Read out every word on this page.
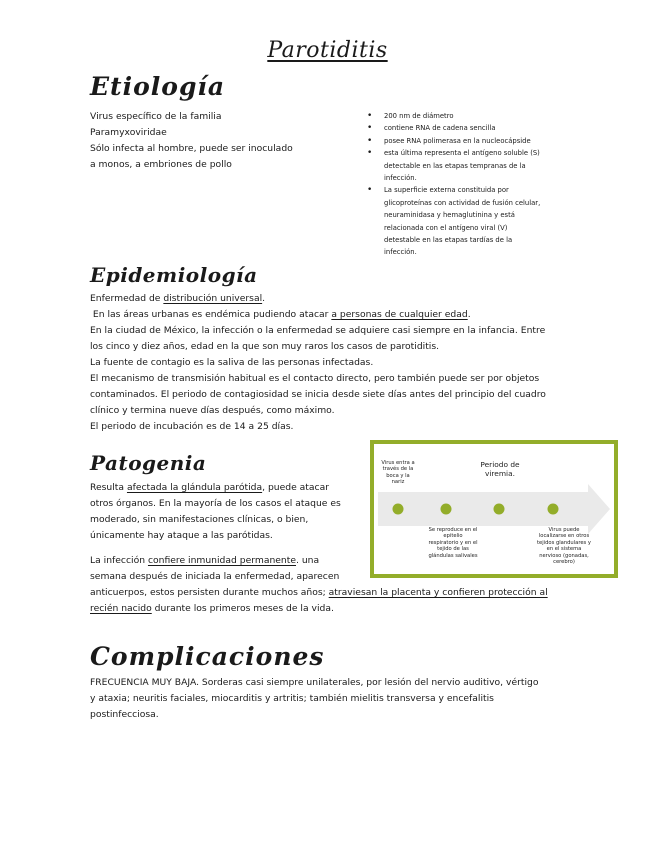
Parotiditis
Etiología
Virus específico de la familia
Paramyxoviridae
Sólo infecta al hombre, puede ser inoculado
a monos, a embriones de pollo
• 200 nm de diámetro
• contiene RNA de cadena sencilla
• posee RNA polimerasa en la nucleocápside
• esta última representa el antígeno soluble (S)
detectable en las etapas tempranas de la
infección.
• La superficie externa constituida por
glicoproteínas con actividad de fusión celular,
neuraminidasa y hemaglutinina y está
relacionada con el antígeno viral (V)
detestable en las etapas tardías de la
infección.
Epidemiología
Enfermedad de distribución universal.
En las áreas urbanas es endémica pudiendo atacar a personas de cualquier edad.
En la ciudad de México, la infección o la enfermedad se adquiere casi siempre en la infancia. Entre
los cinco y diez años, edad en la que son muy raros los casos de parotiditis.
La fuente de contagio es la saliva de las personas infectadas.
El mecanismo de transmisión habitual es el contacto directo, pero también puede ser por objetos
contaminados. El periodo de contagiosidad se inicia desde siete días antes del principio del cuadro
clínico y termina nueve días después, como máximo.
El periodo de incubación es de 14 a 25 días.
Patogenia
Resulta afectada la glándula parótida, puede atacar
otros órganos. En la mayoría de los casos el ataque es
moderado, sin manifestaciones clínicas, o bien,
únicamente hay ataque a las parótidas.
La infección confiere inmunidad permanente. una
semana después de iniciada la enfermedad, aparecen
anticuerpos, estos persisten durante muchos años; atraviesan la placenta y confieren protección al
recién nacido durante los primeros meses de la vida.
Virus entra a través de la boca y la nariz
Periodo de viremia.
Se reproduce en el epitelio respiratorio y en el tejido de las glándulas salivales
Virus puede localizarse en otros tejidos glandulares y en el sistema nervioso (gonadas, cerebro)
Complicaciones
FRECUENCIA MUY BAJA. Sorderas casi siempre unilaterales, por lesión del nervio auditivo, vértigo
y ataxia; neuritis faciales, miocarditis y artritis; también mielitis transversa y encefalitis
postinfecciosa.
